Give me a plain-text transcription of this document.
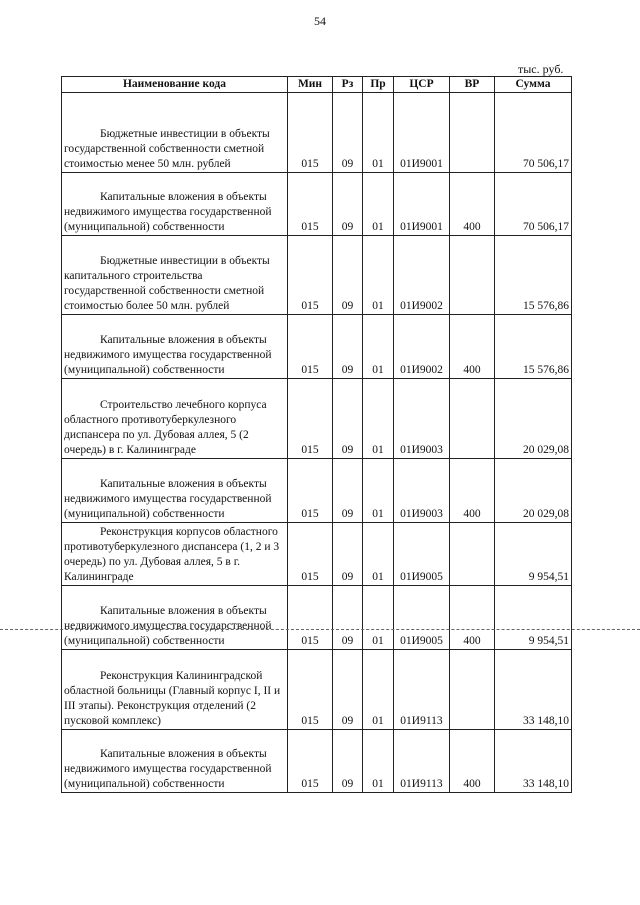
54
тыс. руб.
Наименование кода	Мин	Рз	Пр	ЦСР	ВР	Сумма
Бюджетные инвестиции в объекты государственной собственности сметной стоимостью менее 50 млн. рублей	015	09	01	01И9001		70 506,17
Капитальные вложения в объекты недвижимого имущества государственной (муниципальной) собственности	015	09	01	01И9001	400	70 506,17
Бюджетные инвестиции в объекты капитального строительства государственной собственности сметной стоимостью более 50 млн. рублей	015	09	01	01И9002		15 576,86
Капитальные вложения в объекты недвижимого имущества государственной (муниципальной) собственности	015	09	01	01И9002	400	15 576,86
Строительство лечебного корпуса областного противотуберкулезного диспансера по ул. Дубовая аллея, 5 (2 очередь) в г. Калининграде	015	09	01	01И9003		20 029,08
Капитальные вложения в объекты недвижимого имущества государственной (муниципальной) собственности	015	09	01	01И9003	400	20 029,08
Реконструкция корпусов областного противотуберкулезного диспансера (1, 2 и 3 очередь) по ул. Дубовая аллея, 5 в г. Калининграде	015	09	01	01И9005		9 954,51
Капитальные вложения в объекты недвижимого имущества государственной (муниципальной) собственности	015	09	01	01И9005	400	9 954,51
Реконструкция Калининградской областной больницы (Главный корпус I, II и III этапы). Реконструкция отделений (2 пусковой комплекс)	015	09	01	01И9113		33 148,10
Капитальные вложения в объекты недвижимого имущества государственной (муниципальной) собственности	015	09	01	01И9113	400	33 148,10
